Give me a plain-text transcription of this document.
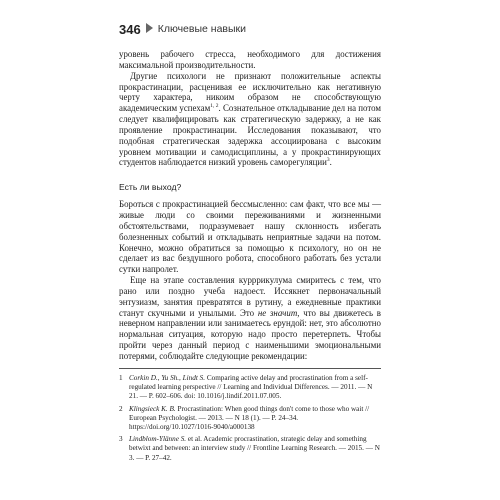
346 Ключевые навыки

уровень рабочего стресса, необходимого для достижения максимальной производительности.

Другие психологи не признают положительные аспекты прокрастинации, расценивая ее исключительно как негативную черту характера, никоим образом не способствующую академическим успехам$^{1, 2}$. Сознательное откладывание дел на потом следует квалифицировать как стратегическую задержку, а не как проявление прокрастинации. Исследования показывают, что подобная стратегическая задержка ассоциирована с высоким уровнем мотивации и самодисциплины, а у прокрастинирующих студентов наблюдается низкий уровень саморегуляции$^3$.

Есть ли выход?

Бороться с прокрастинацией бессмысленно: сам факт, что все мы — живые люди со своими переживаниями и жизненными обстоятельствами, подразумевает нашу склонность избегать болезненных событий и откладывать неприятные задачи на потом. Конечно, можно обратиться за помощью к психологу, но он не сделает из вас бездушного робота, способного работать без устали сутки напролет.

Еще на этапе составления курррикулума смиритесь с тем, что рано или поздно учеба надоест. Иссякнет первоначальный энтузиазм, занятия превратятся в рутину, а ежедневные практики станут скучными и унылыми. Это не значит, что вы движетесь в неверном направлении или занимаетесь ерундой: нет, это абсолютно нормальная ситуация, которую надо просто перетерпеть. Чтобы пройти через данный период с наименьшими эмоциональными потерями, соблюдайте следующие рекомендации:

1 Corkin D., Yu Sh., Lindt S. Comparing active delay and procrastination from a self-regulated learning perspective // Learning and Individual Differences. — 2011. — N 21. — P. 602–606. doi: 10.1016/j.lindif.2011.07.005.
2 Klingsieck K. B. Procrastination: When good things don't come to those who wait // European Psychologist. — 2013. — N 18 (1). — P. 24–34. https://doi.org/10.1027/1016-9040/a000138
3 Lindblom-Ylänne S. et al. Academic procrastination, strategic delay and something betwixt and between: an interview study // Frontline Learning Research. — 2015. — N 3. — P. 27–42.
